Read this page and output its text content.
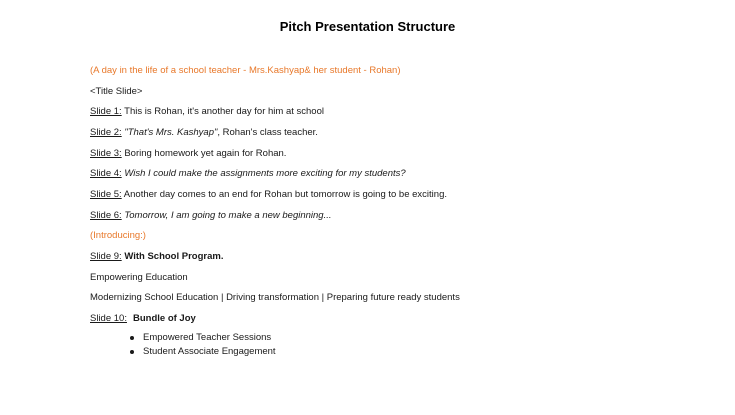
Pitch Presentation Structure
(A day in the life of a school teacher - Mrs.Kashyap& her student - Rohan)
<Title Slide>
Slide 1: This is Rohan, it's another day for him at school
Slide 2: "That's Mrs. Kashyap", Rohan's class teacher.
Slide 3: Boring homework yet again for Rohan.
Slide 4: Wish I could make the assignments more exciting for my students?
Slide 5: Another day comes to an end for Rohan but tomorrow is going to be exciting.
Slide 6: Tomorrow, I am going to make a new beginning...
(Introducing:)
Slide 9: With School Program.
Empowering Education
Modernizing School Education | Driving transformation | Preparing future ready students
Slide 10: Bundle of Joy
Empowered Teacher Sessions
Student Associate Engagement
